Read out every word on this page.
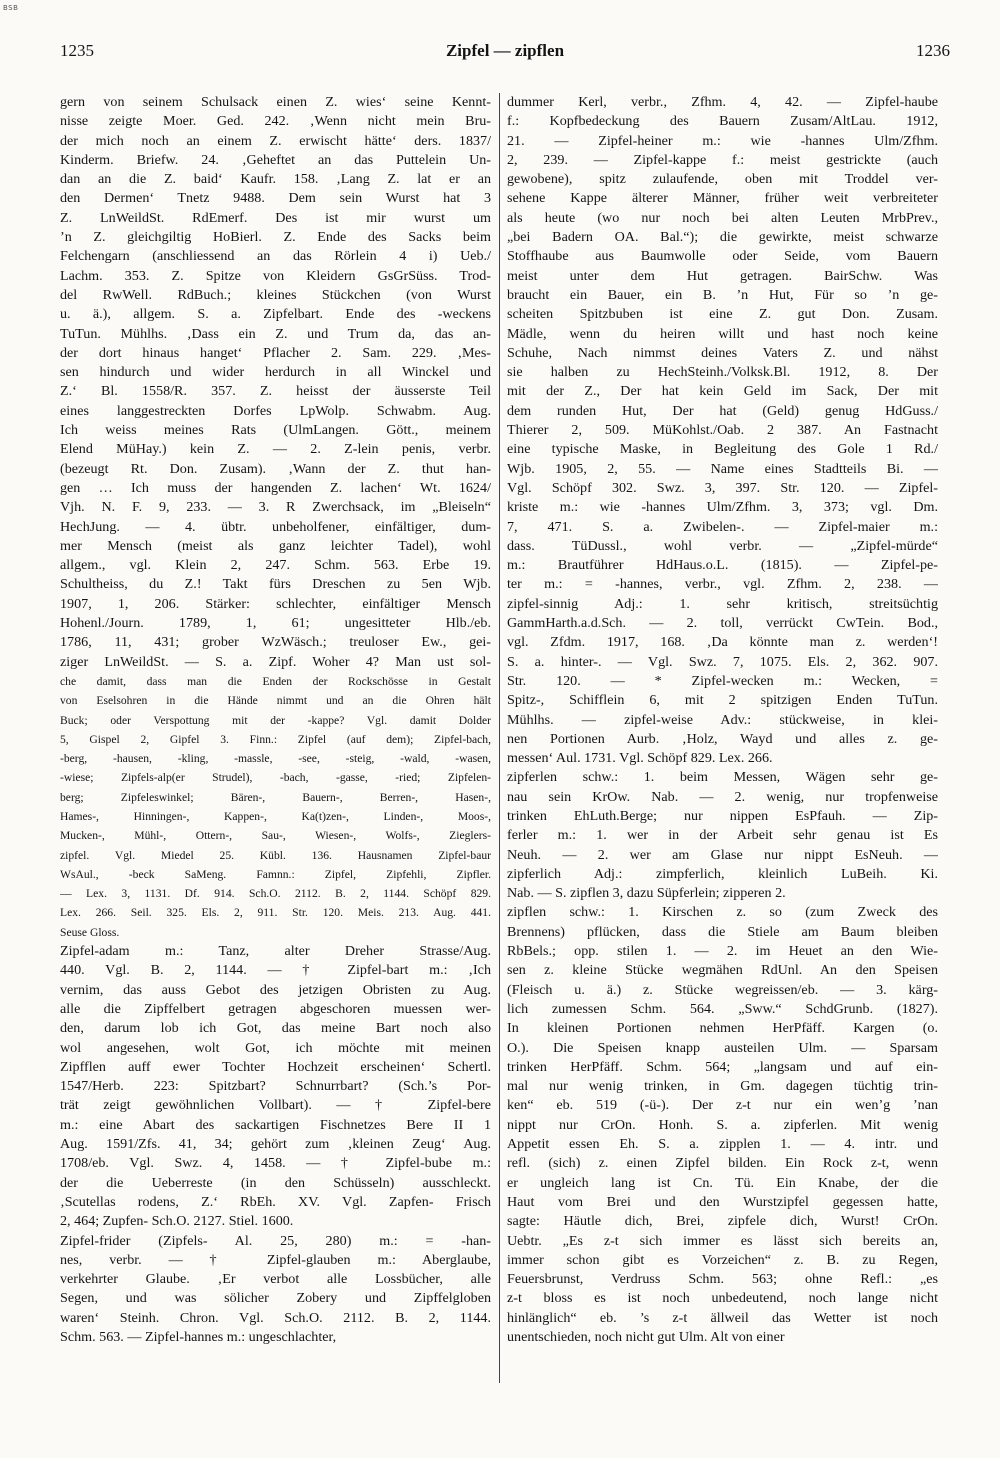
BSB
1235	Zipfel — zipflen	1236
gern von seinem Schulsack einen Z. wies‘ seine Kennt-
nisse zeigte Moer. Ged. 242. ‚Wenn nicht mein Bru-
der mich noch an einem Z. erwischt hätte‘ ders. 1837/
Kinderm. Briefw. 24. ‚Geheftet an das Puttelein Un-
dan an die Z. baid‘ Kaufr. 158. ‚Lang Z. lat er an
den Dermen‘ Tnetz 9488. Dem sein Wurst hat 3
Z. LnWeildSt. RdEmerf. Des ist mir wurst um
’n Z. gleichgiltig HoBierl. Z. Ende des Sacks beim
Felchengarn (anschliessend an das Rörlein 4 i) Ueb./
Lachm. 353. Z. Spitze von Kleidern GsGrSüss. Trod-
del RwWell. RdBuch.; kleines Stückchen (von Wurst
u. ä.), allgem. S. a. Zipfelbart. Ende des -weckens
TuTun. Mühlhs. ‚Dass ein Z. und Trum da, das an-
der dort hinaus hanget‘ Pflacher 2. Sam. 229. ‚Mes-
sen hindurch und wider herdurch in all Winckel und
Z.‘ Bl. 1558/R. 357. Z. heisst der äusserste Teil
eines langgestreckten Dorfes LpWolp. Schwabm. Aug.
Ich weiss meines Rats (UlmLangen. Gött., meinem
Elend MüHay.) kein Z. — 2. Z-lein penis, verbr.
(bezeugt Rt. Don. Zusam). ‚Wann der Z. thut han-
gen … Ich muss der hangenden Z. lachen‘ Wt. 1624/
Vjh. N. F. 9, 233. — 3. R Zwerchsack, im „Bleiseln“
HechJung. — 4. übtr. unbeholfener, einfältiger, dum-
mer Mensch (meist als ganz leichter Tadel), wohl
allgem., vgl. Klein 2, 247. Schm. 563. Erbe 19.
Schultheiss, du Z.! Takt fürs Dreschen zu 5en Wjb.
1907, 1, 206. Stärker: schlechter, einfältiger Mensch
Hohenl./Journ. 1789, 1, 61; ungesitteter Hlb./eb.
1786, 11, 431; grober WzWäsch.; treuloser Ew., gei-
ziger LnWeildSt. — S. a. Zipf. Woher 4? Man ust sol-
che damit, dass man die Enden der Rockschösse in Gestalt
von Eselsohren in die Hände nimmt und an die Ohren hält
Buck; oder Verspottung mit der -kappe? Vgl. damit Dolder
5, Gispel 2, Gipfel 3. Finn.: Zipfel (auf dem); Zipfel-bach,
-berg, -hausen, -kling, -massle, -see, -steig, -wald, -wasen,
-wiese; Zipfels-alp(er Strudel), -bach, -gasse, -ried; Zipfelen-
berg; Zipfeleswinkel; Bären-, Bauern-, Berren-, Hasen-,
Hames-, Hinningen-, Kappen-, Ka(t)zen-, Linden-, Moos-,
Mucken-, Mühl-, Ottern-, Sau-, Wiesen-, Wolfs-, Zieglers-
zipfel. Vgl. Miedel 25. Kübl. 136. Hausnamen Zipfel-baur
WsAul., -beck SaMeng. Famnn.: Zipfel, Zipfehli, Zipfler.
— Lex. 3, 1131. Df. 914. Sch.O. 2112. B. 2, 1144. Schöpf 829.
Lex. 266. Seil. 325. Els. 2, 911. Str. 120. Meis. 213. Aug. 441.
Seuse Gloss.
Zipfel-adam m.: Tanz, alter Dreher Strasse/Aug.
440. Vgl. B. 2, 1144. — † Zipfel-bart m.: ‚Ich
vernim, das auss Gebot des jetzigen Obristen zu Aug.
alle die Zipffelbert getragen abgeschoren muessen wer-
den, darum lob ich Got, das meine Bart noch also
wol angesehen, wolt Got, ich möchte mit meinen
Zipfflen auff ewer Tochter Hochzeit erscheinen‘ Schertl.
1547/Herb. 223: Spitzbart? Schnurrbart? (Sch.’s Por-
trät zeigt gewöhnlichen Vollbart). — † Zipfel-bere
m.: eine Abart des sackartigen Fischnetzes Bere II 1
Aug. 1591/Zfs. 41, 34; gehört zum ‚kleinen Zeug‘ Aug.
1708/eb. Vgl. Swz. 4, 1458. — † Zipfel-bube m.:
der die Ueberreste (in den Schüsseln) ausschleckt.
‚Scutellas rodens, Z.‘ RbEh. XV. Vgl. Zapfen- Frisch
2, 464; Zupfen- Sch.O. 2127. Stiel. 1600.
Zipfel-frider (Zipfels- Al. 25, 280) m.: = -han-
nes, verbr. — † Zipfel-glauben m.: Aberglaube,
verkehrter Glaube. ‚Er verbot alle Lossbücher, alle
Segen, und was sölicher Zobery und Zipffelgloben
waren‘ Steinh. Chron. Vgl. Sch.O. 2112. B. 2, 1144.
Schm. 563. — Zipfel-hannes m.: ungeschlachter,
dummer Kerl, verbr., Zfhm. 4, 42. — Zipfel-haube
f.: Kopfbedeckung des Bauern Zusam/AltLau. 1912,
21. — Zipfel-heiner m.: wie -hannes Ulm/Zfhm.
2, 239. — Zipfel-kappe f.: meist gestrickte (auch
gewobene), spitz zulaufende, oben mit Troddel ver-
sehene Kappe älterer Männer, früher weit verbreiteter
als heute (wo nur noch bei alten Leuten MrbPrev.,
„bei Badern OA. Bal.“); die gewirkte, meist schwarze
Stoffhaube aus Baumwolle oder Seide, vom Bauern
meist unter dem Hut getragen. BairSchw. Was
braucht ein Bauer, ein B. ’n Hut, Für so ’n ge-
scheiten Spitzbuben ist eine Z. gut Don. Zusam.
Mädle, wenn du heiren willt und hast noch keine
Schuhe, Nach nimmst deines Vaters Z. und nähst
sie halben zu HechSteinh./Volksk.Bl. 1912, 8. Der
mit der Z., Der hat kein Geld im Sack, Der mit
dem runden Hut, Der hat (Geld) genug HdGuss./
Thierer 2, 509. MüKohlst./Oab. 2 387. An Fastnacht
eine typische Maske, in Begleitung des Gole 1 Rd./
Wjb. 1905, 2, 55. — Name eines Stadtteils Bi. —
Vgl. Schöpf 302. Swz. 3, 397. Str. 120. — Zipfel-
kriste m.: wie -hannes Ulm/Zfhm. 3, 373; vgl. Dm.
7, 471. S. a. Zwibelen-. — Zipfel-maier m.:
dass. TüDussl., wohl verbr. — „Zipfel-mürde“
m.: Brautführer HdHaus.o.L. (1815). — Zipfel-pe-
ter m.: = -hannes, verbr., vgl. Zfhm. 2, 238. —
zipfel-sinnig Adj.: 1. sehr kritisch, streitsüchtig
GammHarth.a.d.Sch. — 2. toll, verrückt CwTein. Bod.,
vgl. Zfdm. 1917, 168. ‚Da könnte man z. werden‘!
S. a. hinter-. — Vgl. Swz. 7, 1075. Els. 2, 362. 907.
Str. 120. — * Zipfel-wecken m.: Wecken, =
Spitz-, Schifflein 6, mit 2 spitzigen Enden TuTun.
Mühlhs. — zipfel-weise Adv.: stückweise, in klei-
nen Portionen Aurb. ‚Holz, Wayd und alles z. ge-
messen‘ Aul. 1731. Vgl. Schöpf 829. Lex. 266.
zipferlen schw.: 1. beim Messen, Wägen sehr ge-
nau sein KrOw. Nab. — 2. wenig, nur tropfenweise
trinken EhLuth.Berge; nur nippen EsPfauh. — Zip-
ferler m.: 1. wer in der Arbeit sehr genau ist Es
Neuh. — 2. wer am Glase nur nippt EsNeuh. —
zipferlich Adj.: zimpferlich, kleinlich LuBeih. Ki.
Nab. — S. zipflen 3, dazu Süpferlein; zipperen 2.
zipflen schw.: 1. Kirschen z. so (zum Zweck des
Brennens) pflücken, dass die Stiele am Baum bleiben
RbBels.; opp. stilen 1. — 2. im Heuet an den Wie-
sen z. kleine Stücke wegmähen RdUnl. An den Speisen
(Fleisch u. ä.) z. Stücke wegreissen/eb. — 3. kärg-
lich zumessen Schm. 564. „Sww.“ SchdGrunb. (1827).
In kleinen Portionen nehmen HerPfäff. Kargen (o.
O.). Die Speisen knapp austeilen Ulm. — Sparsam
trinken HerPfäff. Schm. 564; „langsam und auf ein-
mal nur wenig trinken, in Gm. dagegen tüchtig trin-
ken“ eb. 519 (-ü-). Der z-t nur ein wen’g ’nan
nippt nur CrOn. Honh. S. a. zipferlen. Mit wenig
Appetit essen Eh. S. a. zipplen 1. — 4. intr. und
refl. (sich) z. einen Zipfel bilden. Ein Rock z-t, wenn
er ungleich lang ist Cn. Tü. Ein Knabe, der die
Haut vom Brei und den Wurstzipfel gegessen hatte,
sagte: Häutle dich, Brei, zipfele dich, Wurst! CrOn.
Uebtr. „Es z-t sich immer es lässt sich bereits an,
immer schon gibt es Vorzeichen“ z. B. zu Regen,
Feuersbrunst, Verdruss Schm. 563; ohne Refl.: „es
z-t bloss es ist noch unbedeutend, noch lange nicht
hinlänglich“ eb. ’s z-t ällweil das Wetter ist noch
unentschieden, noch nicht gut Ulm. Alt von einer
